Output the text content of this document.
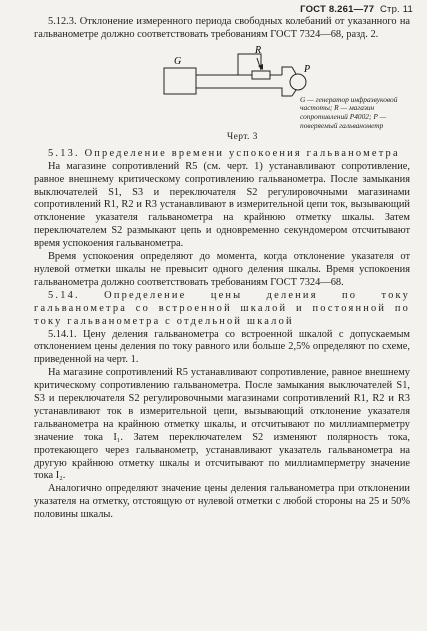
ГОСТ 8.261—77 Стр. 11

5.12.3. Отклонение измеренного периода свободных колебаний от указанного на гальванометре должно соответствовать требованиям ГОСТ 7324—68, разд. 2.

G
R
P
G — генератор инфразвуковой частоты; R — магазин сопротивлений Р4002; Р — поверяемый гальванометр
Черт. 3

5.13. Определение времени успокоения гальванометра

На магазине сопротивлений R5 (см. черт. 1) устанавливают сопротивление, равное внешнему критическому сопротивлению гальванометра. После замыкания выключателей S1, S3 и переключателя S2 регулировочными магазинами сопротивлений R1, R2 и R3 устанавливают в измерительной цепи ток, вызывающий отклонение указателя гальванометра на крайнюю отметку шкалы. Затем переключателем S2 размыкают цепь и одновременно секундомером отсчитывают время успокоения гальванометра.

Время успокоения определяют до момента, когда отклонение указателя от нулевой отметки шкалы не превысит одного деления шкалы. Время успокоения гальванометра должно соответствовать требованиям ГОСТ 7324—68.

5.14. Определение цены деления по току гальванометра со встроенной шкалой и постоянной по току гальванометра с отдельной шкалой

5.14.1. Цену деления гальванометра со встроенной шкалой с допускаемым отклонением цены деления по току равного или больше 2,5% определяют по схеме, приведенной на черт. 1.

На магазине сопротивлений R5 устанавливают сопротивление, равное внешнему критическому сопротивлению гальванометра. После замыкания выключателей S1, S3 и переключателя S2 регулировочными магазинами сопротивлений R1, R2 и R3 устанавливают ток в измерительной цепи, вызывающий отклонение указателя гальванометра на крайнюю отметку шкалы, и отсчитывают по миллиамперметру значение тока I₁. Затем переключателем S2 изменяют полярность тока, протекающего через гальванометр, устанавливают указатель гальванометра на другую крайнюю отметку шкалы и отсчитывают по миллиамперметру значение тока I₂.

Аналогично определяют значение цены деления гальванометра при отклонении указателя на отметку, отстоящую от нулевой отметки с любой стороны на 25 и 50% половины шкалы.
